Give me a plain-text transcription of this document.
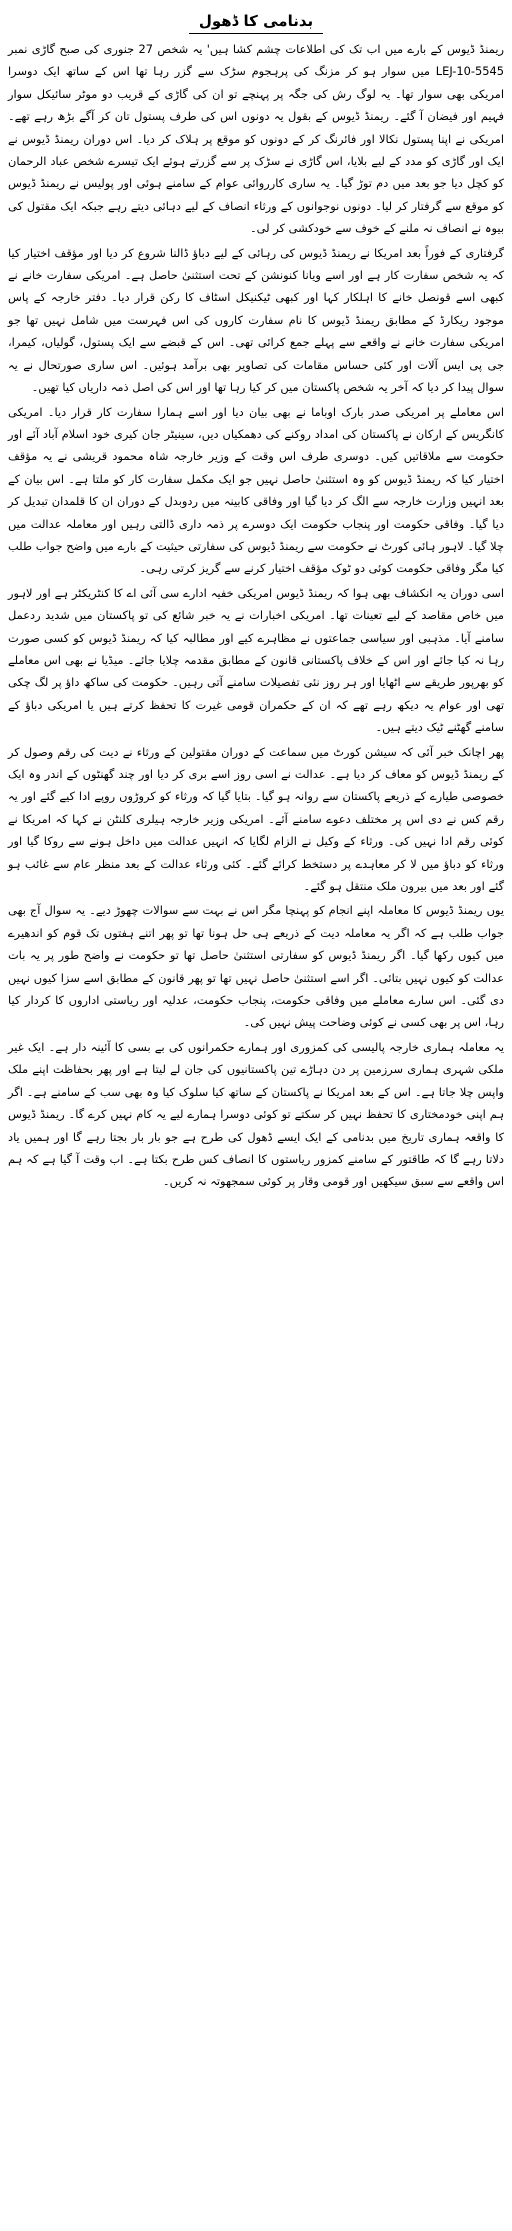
بدنامی کا ڈھول

ریمنڈ ڈیوس کے بارے میں اب تک کی اطلاعات چشم کشا ہیں' یہ شخص 27 جنوری کی صبح گاڑی نمبر LEJ-10-5545 میں سوار ہو کر مزنگ کی پرہجوم سڑک سے گزر رہا تھا اس کے ساتھ ایک دوسرا امریکی بھی سوار تھا۔ یہ لوگ رش کی جگہ پر پہنچے تو ان کی گاڑی کے قریب دو موٹر سائیکل سوار فہیم اور فیضان آ گئے۔ ریمنڈ ڈیوس کے بقول یہ دونوں اس کی طرف پستول تان کر آگے بڑھ رہے تھے۔ امریکی نے اپنا پستول نکالا اور فائرنگ کر کے دونوں کو موقع پر ہلاک کر دیا۔ اس دوران ریمنڈ ڈیوس نے ایک اور گاڑی کو مدد کے لیے بلایا، اس گاڑی نے سڑک پر سے گزرتے ہوئے ایک تیسرے شخص عباد الرحمان کو کچل دیا جو بعد میں دم توڑ گیا۔ یہ ساری کارروائی عوام کے سامنے ہوئی اور پولیس نے ریمنڈ ڈیوس کو موقع سے گرفتار کر لیا۔ دونوں نوجوانوں کے ورثاء انصاف کے لیے دہائی دیتے رہے جبکہ ایک مقتول کی بیوہ نے انصاف نہ ملنے کے خوف سے خودکشی کر لی۔

گرفتاری کے فوراً بعد امریکا نے ریمنڈ ڈیوس کی رہائی کے لیے دباؤ ڈالنا شروع کر دیا اور مؤقف اختیار کیا کہ یہ شخص سفارت کار ہے اور اسے ویانا کنونشن کے تحت استثنیٰ حاصل ہے۔ امریکی سفارت خانے نے کبھی اسے قونصل خانے کا اہلکار کہا اور کبھی ٹیکنیکل اسٹاف کا رکن قرار دیا۔ دفتر خارجہ کے پاس موجود ریکارڈ کے مطابق ریمنڈ ڈیوس کا نام سفارت کاروں کی اس فہرست میں شامل نہیں تھا جو امریکی سفارت خانے نے واقعے سے پہلے جمع کرائی تھی۔ اس کے قبضے سے ایک پستول، گولیاں، کیمرا، جی پی ایس آلات اور کئی حساس مقامات کی تصاویر بھی برآمد ہوئیں۔ اس ساری صورتحال نے یہ سوال پیدا کر دیا کہ آخر یہ شخص پاکستان میں کر کیا رہا تھا اور اس کی اصل ذمہ داریاں کیا تھیں۔

اس معاملے پر امریکی صدر بارک اوباما نے بھی بیان دیا اور اسے ہمارا سفارت کار قرار دیا۔ امریکی کانگریس کے ارکان نے پاکستان کی امداد روکنے کی دھمکیاں دیں، سینیٹر جان کیری خود اسلام آباد آئے اور حکومت سے ملاقاتیں کیں۔ دوسری طرف اس وقت کے وزیر خارجہ شاہ محمود قریشی نے یہ مؤقف اختیار کیا کہ ریمنڈ ڈیوس کو وہ استثنیٰ حاصل نہیں جو ایک مکمل سفارت کار کو ملتا ہے۔ اس بیان کے بعد انہیں وزارت خارجہ سے الگ کر دیا گیا اور وفاقی کابینہ میں ردوبدل کے دوران ان کا قلمدان تبدیل کر دیا گیا۔ وفاقی حکومت اور پنجاب حکومت ایک دوسرے پر ذمہ داری ڈالتی رہیں اور معاملہ عدالت میں چلا گیا۔ لاہور ہائی کورٹ نے حکومت سے ریمنڈ ڈیوس کی سفارتی حیثیت کے بارے میں واضح جواب طلب کیا مگر وفاقی حکومت کوئی دو ٹوک مؤقف اختیار کرنے سے گریز کرتی رہی۔

اسی دوران یہ انکشاف بھی ہوا کہ ریمنڈ ڈیوس امریکی خفیہ ادارے سی آئی اے کا کنٹریکٹر ہے اور لاہور میں خاص مقاصد کے لیے تعینات تھا۔ امریکی اخبارات نے یہ خبر شائع کی تو پاکستان میں شدید ردعمل سامنے آیا۔ مذہبی اور سیاسی جماعتوں نے مظاہرے کیے اور مطالبہ کیا کہ ریمنڈ ڈیوس کو کسی صورت رہا نہ کیا جائے اور اس کے خلاف پاکستانی قانون کے مطابق مقدمہ چلایا جائے۔ میڈیا نے بھی اس معاملے کو بھرپور طریقے سے اٹھایا اور ہر روز نئی تفصیلات سامنے آتی رہیں۔ حکومت کی ساکھ داؤ پر لگ چکی تھی اور عوام یہ دیکھ رہے تھے کہ ان کے حکمران قومی غیرت کا تحفظ کرتے ہیں یا امریکی دباؤ کے سامنے گھٹنے ٹیک دیتے ہیں۔

پھر اچانک خبر آئی کہ سیشن کورٹ میں سماعت کے دوران مقتولین کے ورثاء نے دیت کی رقم وصول کر کے ریمنڈ ڈیوس کو معاف کر دیا ہے۔ عدالت نے اسی روز اسے بری کر دیا اور چند گھنٹوں کے اندر وہ ایک خصوصی طیارے کے ذریعے پاکستان سے روانہ ہو گیا۔ بتایا گیا کہ ورثاء کو کروڑوں روپے ادا کیے گئے اور یہ رقم کس نے دی اس پر مختلف دعوے سامنے آئے۔ امریکی وزیر خارجہ ہیلری کلنٹن نے کہا کہ امریکا نے کوئی رقم ادا نہیں کی۔ ورثاء کے وکیل نے الزام لگایا کہ انہیں عدالت میں داخل ہونے سے روکا گیا اور ورثاء کو دباؤ میں لا کر معاہدے پر دستخط کرائے گئے۔ کئی ورثاء عدالت کے بعد منظر عام سے غائب ہو گئے اور بعد میں بیرون ملک منتقل ہو گئے۔

یوں ریمنڈ ڈیوس کا معاملہ اپنے انجام کو پہنچا مگر اس نے بہت سے سوالات چھوڑ دیے۔ یہ سوال آج بھی جواب طلب ہے کہ اگر یہ معاملہ دیت کے ذریعے ہی حل ہونا تھا تو پھر اتنے ہفتوں تک قوم کو اندھیرے میں کیوں رکھا گیا۔ اگر ریمنڈ ڈیوس کو سفارتی استثنیٰ حاصل تھا تو حکومت نے واضح طور پر یہ بات عدالت کو کیوں نہیں بتائی۔ اگر اسے استثنیٰ حاصل نہیں تھا تو پھر قانون کے مطابق اسے سزا کیوں نہیں دی گئی۔ اس سارے معاملے میں وفاقی حکومت، پنجاب حکومت، عدلیہ اور ریاستی اداروں کا کردار کیا رہا، اس پر بھی کسی نے کوئی وضاحت پیش نہیں کی۔

یہ معاملہ ہماری خارجہ پالیسی کی کمزوری اور ہمارے حکمرانوں کی بے بسی کا آئینہ دار ہے۔ ایک غیر ملکی شہری ہماری سرزمین پر دن دہاڑے تین پاکستانیوں کی جان لے لیتا ہے اور پھر بحفاظت اپنے ملک واپس چلا جاتا ہے۔ اس کے بعد امریکا نے پاکستان کے ساتھ کیا سلوک کیا وہ بھی سب کے سامنے ہے۔ اگر ہم اپنی خودمختاری کا تحفظ نہیں کر سکتے تو کوئی دوسرا ہمارے لیے یہ کام نہیں کرے گا۔ ریمنڈ ڈیوس کا واقعہ ہماری تاریخ میں بدنامی کے ایک ایسے ڈھول کی طرح ہے جو بار بار بجتا رہے گا اور ہمیں یاد دلاتا رہے گا کہ طاقتور کے سامنے کمزور ریاستوں کا انصاف کس طرح بکتا ہے۔ اب وقت آ گیا ہے کہ ہم اس واقعے سے سبق سیکھیں اور قومی وقار پر کوئی سمجھوتہ نہ کریں۔
